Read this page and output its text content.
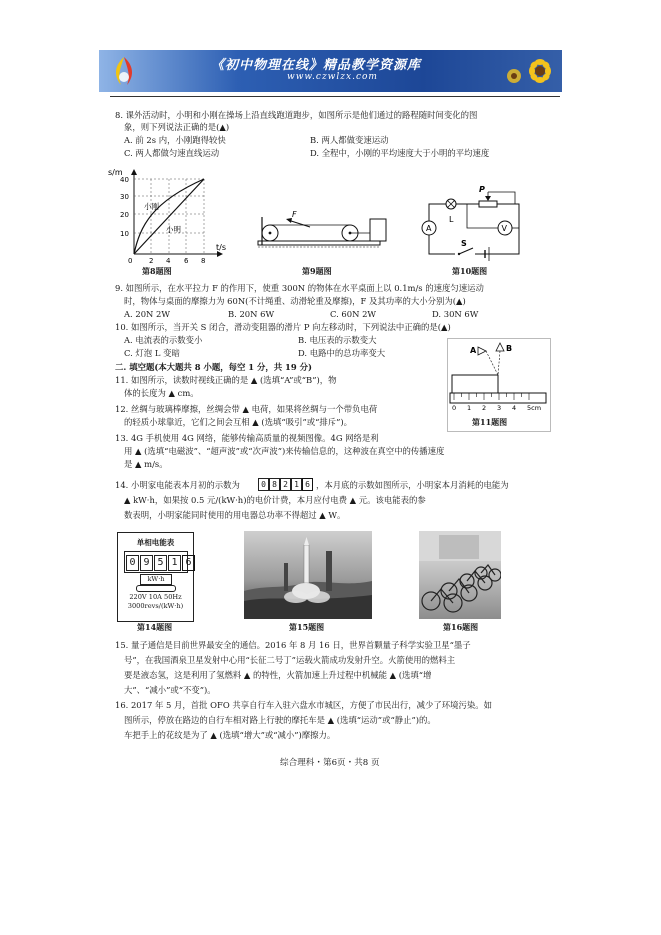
《初中物理在线》精品教学资源库
www.czwlzx.com
8. 课外活动时，小明和小刚在操场上沿直线跑道跑步，如图所示是他们通过的路程随时间变化的图
象，则下列说法正确的是(▲)
A. 前 2s 内，小刚跑得较快	B. 两人都做变速运动
C. 两人都做匀速直线运动	D. 全程中，小刚的平均速度大于小明的平均速度
s/m
t/s
10
20
30
40
0 2 4 6 8
小刚
小明
第8题图
F
第9题图
A
L
P
V
S
第10题图
9. 如图所示，在水平拉力 F 的作用下，使重 300N 的物体在水平桌面上以 0.1m/s 的速度匀速运动
时，物体与桌面的摩擦力为 60N(不计绳重、动滑轮重及摩擦)，F 及其功率的大小分别为(▲)
A. 20N 2W	B. 20N 6W	C. 60N 2W	D. 30N 6W
10. 如图所示，当开关 S 闭合，滑动变阻器的滑片 P 向左移动时，下列说法中正确的是(▲)
A. 电流表的示数变小	B. 电压表的示数变大
C. 灯泡 L 变暗	D. 电路中的总功率变大	A	B
0 1 2 3 4 5cm
第11题图
二. 填空题(本大题共 8 小题，每空 1 分，共 19 分)
11. 如图所示，读数时视线正确的是 ▲ (选填“A”或“B”)，物
体的长度为 ▲ cm。
12. 丝绸与玻璃棒摩擦，丝绸会带 ▲ 电荷，如果将丝绸与一个带负电荷
的轻质小球靠近，它们之间会互相 ▲ (选填“吸引”或“排斥”)。
13. 4G 手机使用 4G 网络，能够传输高质量的视频图像。4G 网络是利
用 ▲ (选填“电磁波”、“超声波”或“次声波”)来传输信息的，这种波在真空中的传播速度
是 ▲ m/s。
14. 小明家电能表本月初的示数为	0 8 2 1 6 ，本月底的示数如图所示，小明家本月消耗的电能为
▲ kW·h，如果按 0.5 元/(kW·h)的电价计费，本月应付电费 ▲ 元。该电能表的参
数表明，小明家能同时使用的用电器总功率不得超过 ▲ W。
单相电能表
0 9 5 1 6
kW·h
220V 10A 50Hz
3000revs/(kW·h)
第14题图	第15题图	第16题图
15. 量子通信是目前世界最安全的通信。2016 年 8 月 16 日，世界首颗量子科学实验卫星“墨子
号”，在我国酒泉卫星发射中心用“长征二号丁”运载火箭成功发射升空。火箭使用的燃料主
要是液态氢，这是利用了氢燃料 ▲ 的特性，火箭加速上升过程中机械能 ▲ (选填“增
大”、“减小”或“不变”)。
16. 2017 年 5 月，首批 OFO 共享自行车入驻六盘水市城区，方便了市民出行，减少了环境污染。如
图所示，停放在路边的自行车相对路上行驶的摩托车是 ▲ (选填“运动”或“静止”)的。
车把手上的花纹是为了 ▲ (选填“增大”或“减小”)摩擦力。
综合理科・第6页・共8 页
